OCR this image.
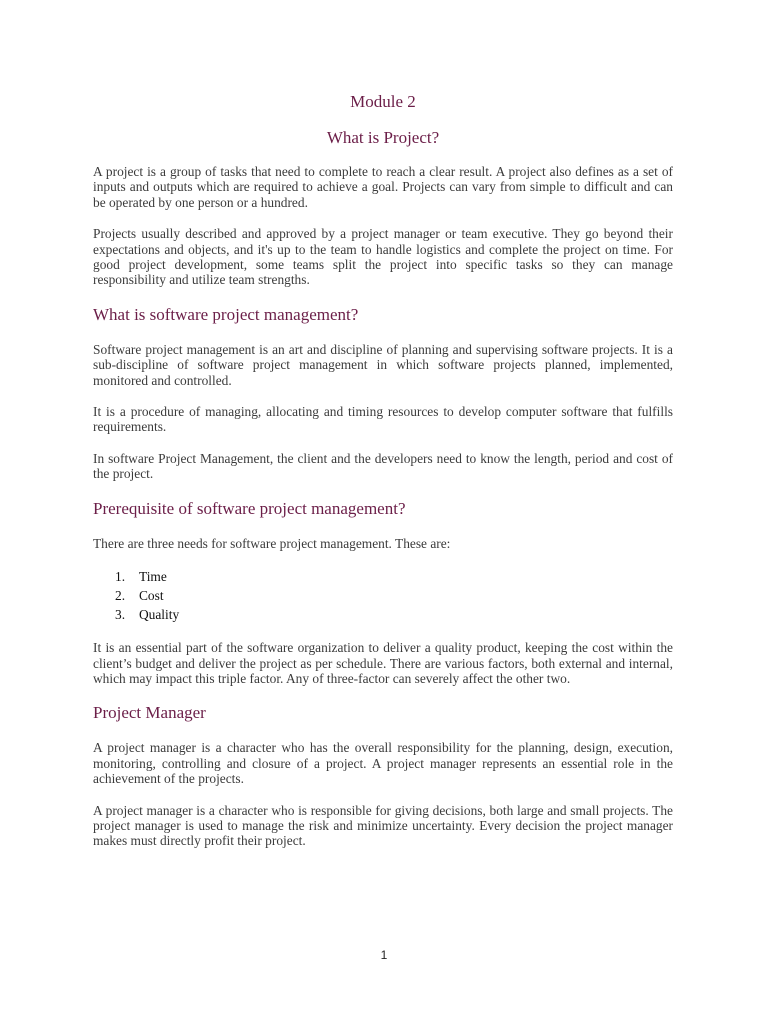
Module 2
What is Project?

A project is a group of tasks that need to complete to reach a clear result. A project also defines as a set of inputs and outputs which are required to achieve a goal. Projects can vary from simple to difficult and can be operated by one person or a hundred.

Projects usually described and approved by a project manager or team executive. They go beyond their expectations and objects, and it's up to the team to handle logistics and complete the project on time. For good project development, some teams split the project into specific tasks so they can manage responsibility and utilize team strengths.

What is software project management?

Software project management is an art and discipline of planning and supervising software projects. It is a sub-discipline of software project management in which software projects planned, implemented, monitored and controlled.

It is a procedure of managing, allocating and timing resources to develop computer software that fulfills requirements.

In software Project Management, the client and the developers need to know the length, period and cost of the project.

Prerequisite of software project management?

There are three needs for software project management. These are:

1. Time
2. Cost
3. Quality

It is an essential part of the software organization to deliver a quality product, keeping the cost within the client’s budget and deliver the project as per schedule. There are various factors, both external and internal, which may impact this triple factor. Any of three-factor can severely affect the other two.

Project Manager

A project manager is a character who has the overall responsibility for the planning, design, execution, monitoring, controlling and closure of a project. A project manager represents an essential role in the achievement of the projects.

A project manager is a character who is responsible for giving decisions, both large and small projects. The project manager is used to manage the risk and minimize uncertainty. Every decision the project manager makes must directly profit their project.

1
